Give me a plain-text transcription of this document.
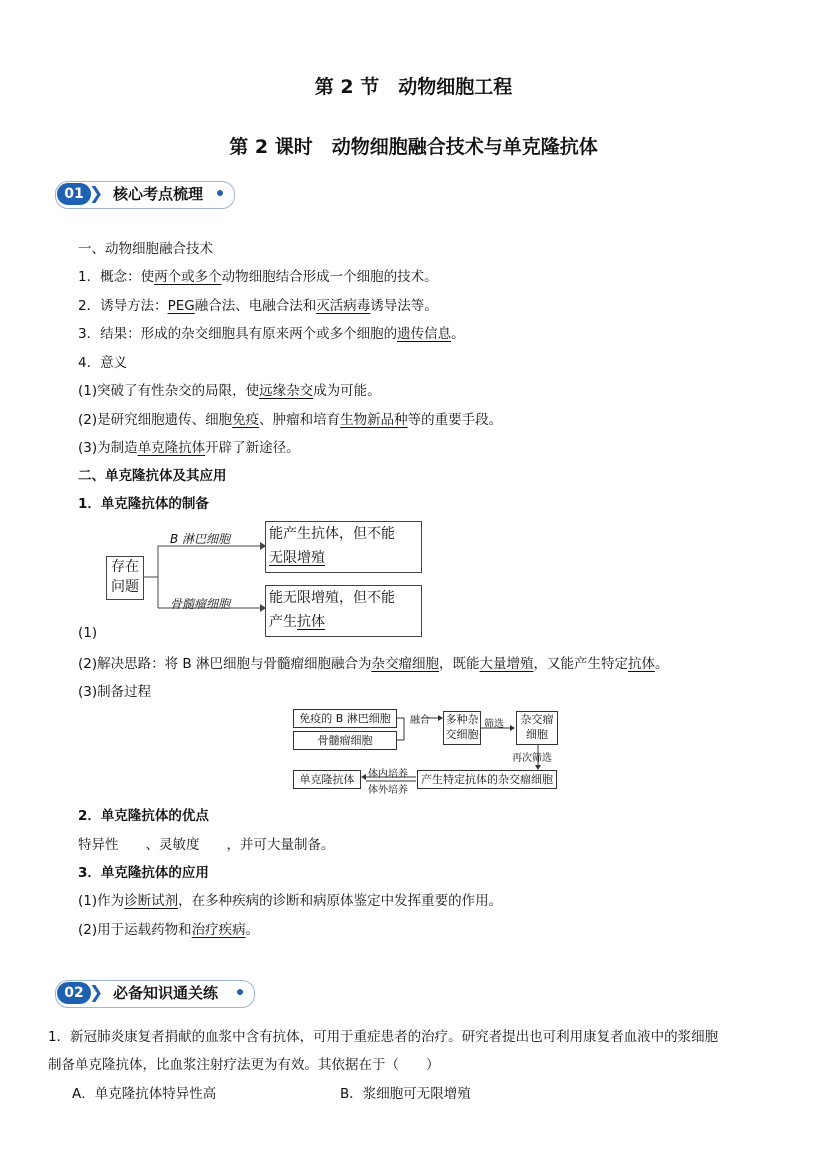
第 2 节　动物细胞工程
第 2 课时　动物细胞融合技术与单克隆抗体
01 ❯ 核心考点梳理
一、动物细胞融合技术
1．概念：使两个或多个动物细胞结合形成一个细胞的技术。
2．诱导方法：PEG融合法、电融合法和灭活病毒诱导法等。
3．结果：形成的杂交细胞具有原来两个或多个细胞的遗传信息。
4．意义
(1)突破了有性杂交的局限，使远缘杂交成为可能。
(2)是研究细胞遗传、细胞免疫、肿瘤和培育生物新品种等的重要手段。
(3)为制造单克隆抗体开辟了新途径。
二、单克隆抗体及其应用
1．单克隆抗体的制备
存在问题
B 淋巴细胞
骨髓瘤细胞
能产生抗体，但不能
无限增殖
能无限增殖，但不能
产生抗体
(1)
(2)解决思路：将 B 淋巴细胞与骨髓瘤细胞融合为杂交瘤细胞，既能大量增殖，又能产生特定抗体。
(3)制备过程
免疫的 B 淋巴细胞
骨髓瘤细胞
融合 多种杂交细胞
筛选	杂交瘤细胞
再次筛选
产生特定抗体的杂交瘤细胞
体内培养
体外培养
单克隆抗体
2．单克隆抗体的优点
特异性　　、灵敏度　　，并可大量制备。
3．单克隆抗体的应用
(1)作为诊断试剂，在多种疾病的诊断和病原体鉴定中发挥重要的作用。
(2)用于运载药物和治疗疾病。
02 ❯ 必备知识通关练
1．新冠肺炎康复者捐献的血浆中含有抗体，可用于重症患者的治疗。研究者提出也可利用康复者血液中的浆细胞
制备单克隆抗体，比血浆注射疗法更为有效。其依据在于（　　）
A．单克隆抗体特异性高	B．浆细胞可无限增殖
